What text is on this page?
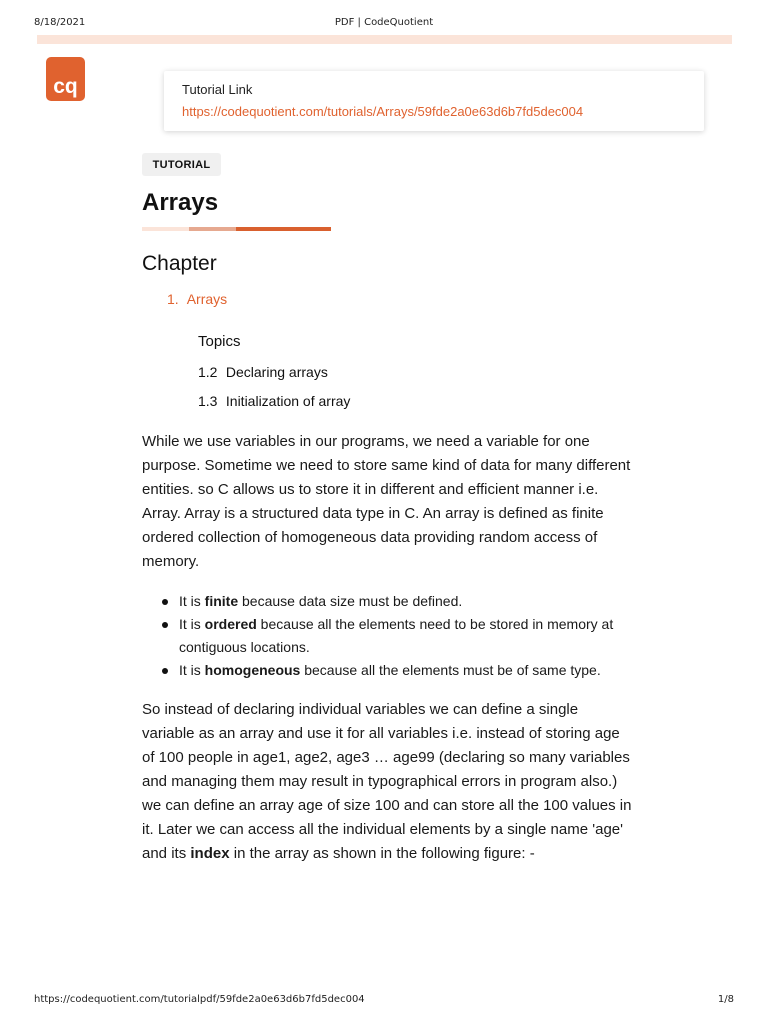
8/18/2021	PDF | CodeQuotient
cq	Tutorial Link
https://codequotient.com/tutorials/Arrays/59fde2a0e63d6b7fd5dec004
TUTORIAL
Arrays
Chapter
1. Arrays
Topics
1.2 Declaring arrays
1.3 Initialization of array
While we use variables in our programs, we need a variable for one purpose. Sometime we need to store same kind of data for many different entities. so C allows us to store it in different and efficient manner i.e. Array. Array is a structured data type in C. An array is defined as finite ordered collection of homogeneous data providing random access of memory.
It is finite because data size must be defined.
It is ordered because all the elements need to be stored in memory at contiguous locations.
It is homogeneous because all the elements must be of same type.
So instead of declaring individual variables we can define a single variable as an array and use it for all variables i.e. instead of storing age of 100 people in age1, age2, age3 … age99 (declaring so many variables and managing them may result in typographical errors in program also.) we can define an array age of size 100 and can store all the 100 values in it. Later we can access all the individual elements by a single name 'age' and its index in the array as shown in the following figure: -
https://codequotient.com/tutorialpdf/59fde2a0e63d6b7fd5dec004	1/8
